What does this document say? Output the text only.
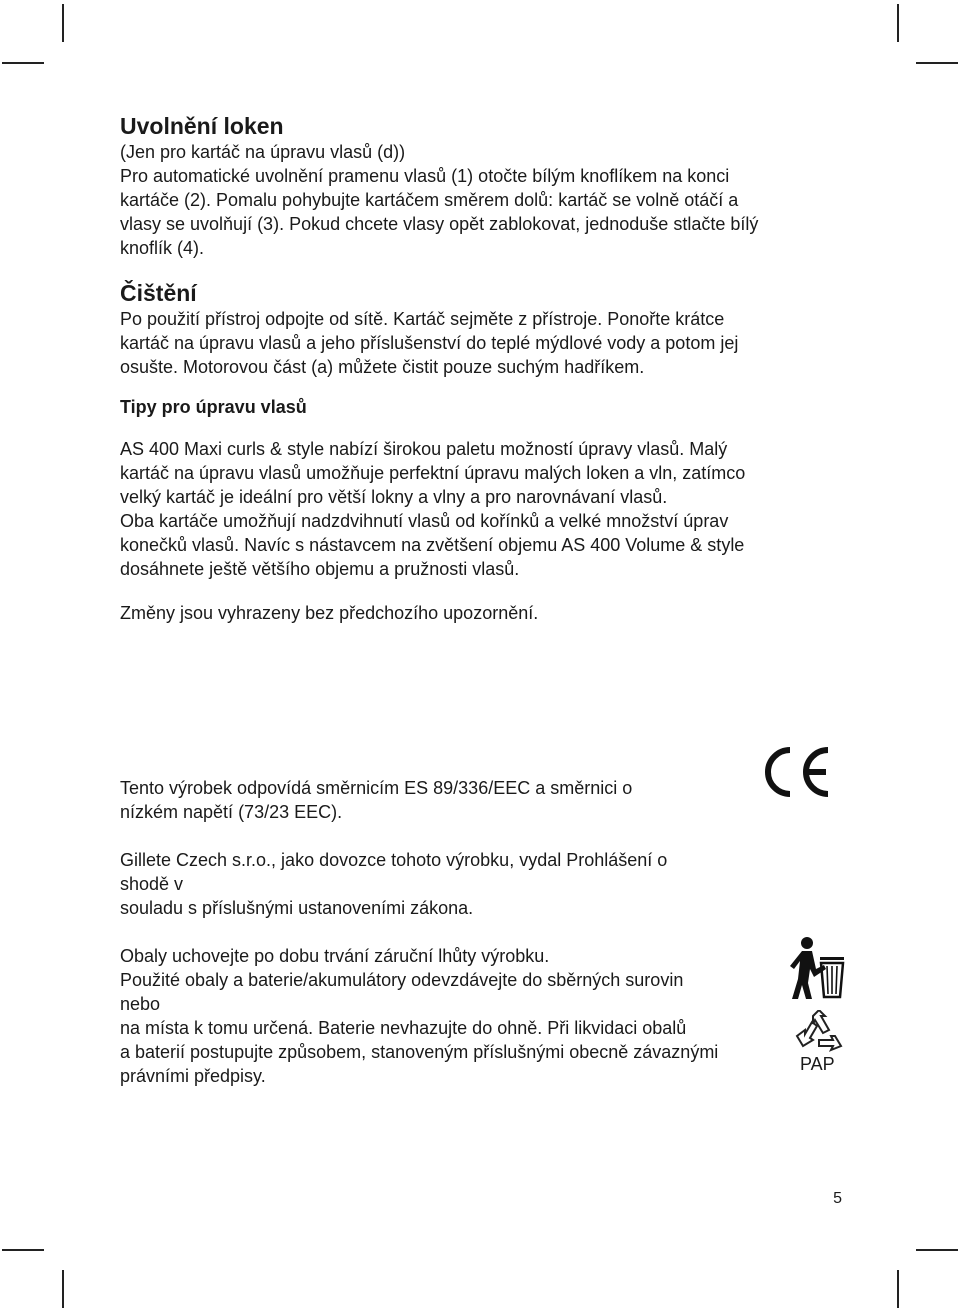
Uvolnění loken

(Jen pro kartáč na úpravu vlasů (d))

Pro automatické uvolnění pramenu vlasů (1) otočte bílým knoflíkem na konci

kartáče (2). Pomalu pohybujte kartáčem směrem dolů: kartáč se volně otáčí a

vlasy se uvolňují (3). Pokud chcete vlasy opět zablokovat, jednoduše stlačte bílý

knoflík (4).

Čištění

Po použití přístroj odpojte od sítě. Kartáč sejměte z přístroje. Ponořte krátce

kartáč na úpravu vlasů a jeho příslušenství do teplé mýdlové vody a potom jej

osušte. Motorovou část (a) můžete čistit pouze suchým hadříkem.

Tipy pro úpravu vlasů

AS 400 Maxi curls & style nabízí širokou paletu možností úpravy vlasů. Malý

kartáč na úpravu vlasů umožňuje perfektní úpravu malých loken a vln, zatímco

velký kartáč je ideální pro větší lokny a vlny a pro narovnávaní vlasů.

Oba kartáče umožňují nadzdvihnutí vlasů od kořínků a velké množství úprav

konečků vlasů. Navíc s nástavcem na zvětšení objemu AS 400 Volume & style

dosáhnete ještě většího objemu a pružnosti vlasů.

Změny jsou vyhrazeny bez předchozího upozornění.

Tento výrobek odpovídá směrnicím ES 89/336/EEC a směrnici o

nízkém napětí (73/23 EEC).

Gillete Czech s.r.o., jako dovozce tohoto výrobku, vydal Prohlášení o shodě v

souladu s příslušnými ustanoveními zákona.

Obaly uchovejte po dobu trvání záruční lhůty výrobku.

Použité obaly a baterie/akumulátory odevzdávejte do sběrných surovin nebo

na místa k tomu určená. Baterie nevhazujte do ohně. Při likvidaci obalů

a baterií postupujte způsobem, stanoveným příslušnými obecně závaznými

právními předpisy.

PAP
5
